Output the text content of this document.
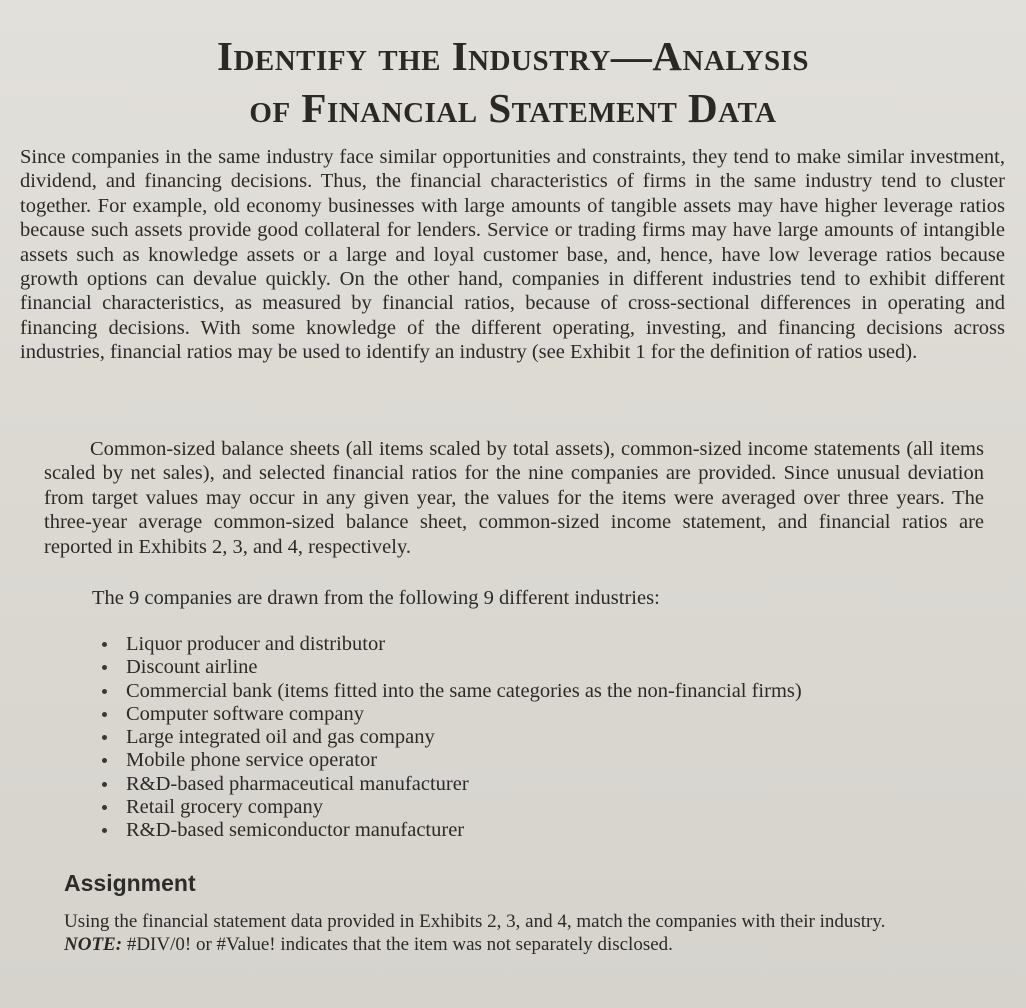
Identify the Industry—Analysis
of Financial Statement Data

Since companies in the same industry face similar opportunities and constraints, they tend to make similar investment, dividend, and financing decisions. Thus, the financial characteristics of firms in the same industry tend to cluster together. For example, old economy businesses with large amounts of tangible assets may have higher leverage ratios because such assets provide good collateral for lenders. Service or trading firms may have large amounts of intangible assets such as knowledge assets or a large and loyal customer base, and, hence, have low leverage ratios because growth options can devalue quickly. On the other hand, companies in different industries tend to exhibit different financial characteristics, as measured by financial ratios, because of cross-sectional differences in operating and financing decisions. With some knowledge of the different operating, investing, and financing decisions across industries, financial ratios may be used to identify an industry (see Exhibit 1 for the definition of ratios used).

Common-sized balance sheets (all items scaled by total assets), common-sized income statements (all items scaled by net sales), and selected financial ratios for the nine companies are provided. Since unusual deviation from target values may occur in any given year, the values for the items were averaged over three years. The three-year average common-sized balance sheet, common-sized income statement, and financial ratios are reported in Exhibits 2, 3, and 4, respectively.

The 9 companies are drawn from the following 9 different industries:

Liquor producer and distributor
Discount airline
Commercial bank (items fitted into the same categories as the non-financial firms)
Computer software company
Large integrated oil and gas company
Mobile phone service operator
R&D-based pharmaceutical manufacturer
Retail grocery company
R&D-based semiconductor manufacturer
Assignment

Using the financial statement data provided in Exhibits 2, 3, and 4, match the companies with their industry.
NOTE: #DIV/0! or #Value! indicates that the item was not separately disclosed.
